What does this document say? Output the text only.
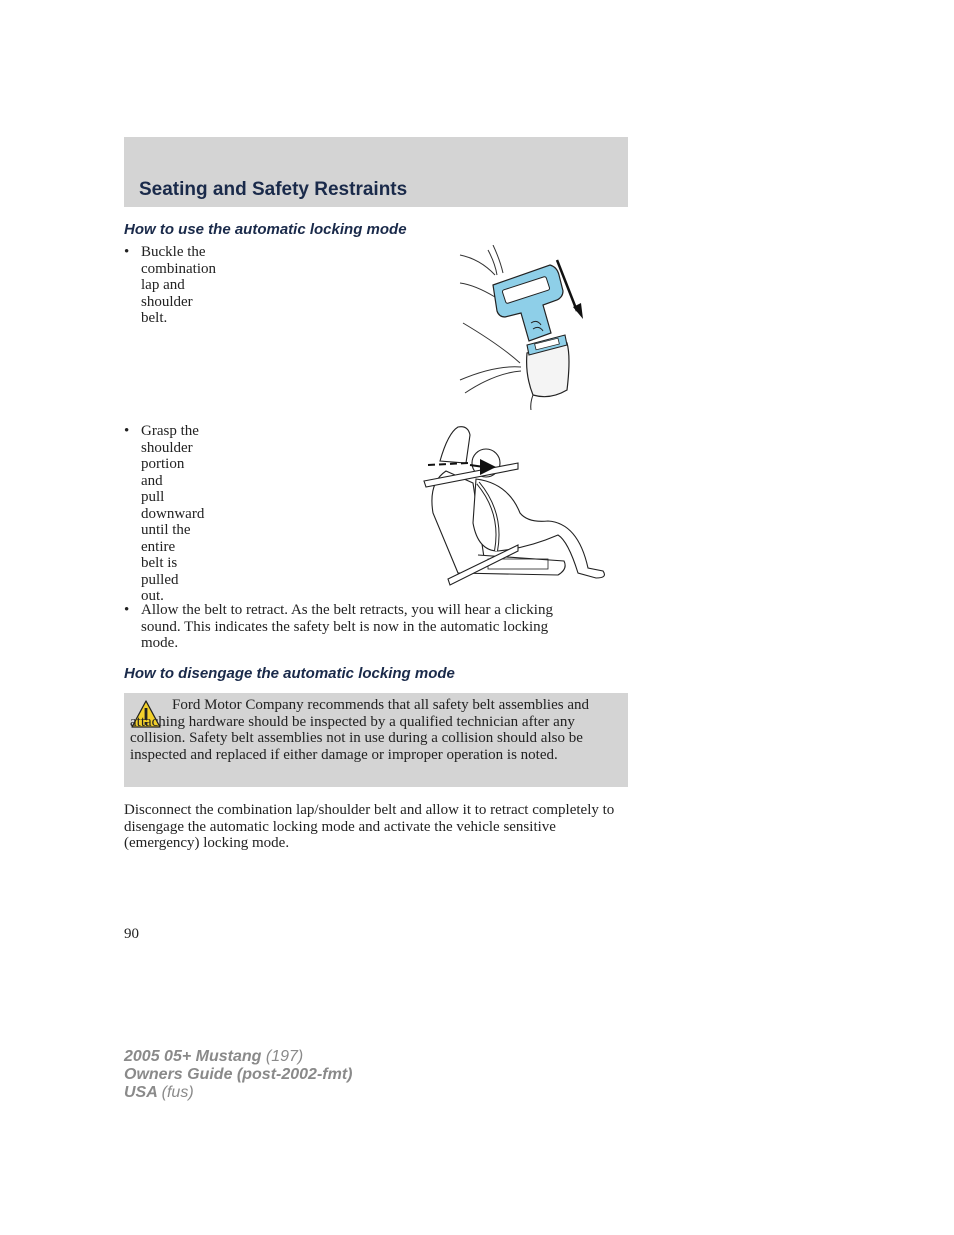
Seating and Safety Restraints
How to use the automatic locking mode
• Buckle the combination lap and
shoulder belt.
• Grasp the shoulder portion and
pull downward until the entire
belt is pulled out.
• Allow the belt to retract. As the belt retracts, you will hear a clicking
sound. This indicates the safety belt is now in the automatic locking
mode.
How to disengage the automatic locking mode

Ford Motor Company recommends that all safety belt assemblies and attaching hardware should be inspected by a qualified technician after any collision. Safety belt assemblies not in use during a collision should also be inspected and replaced if either damage or improper operation is noted.

Disconnect the combination lap/shoulder belt and allow it to retract completely to disengage the automatic locking mode and activate the vehicle sensitive (emergency) locking mode.

90
2005 05+ Mustang (197)
Owners Guide (post-2002-fmt)
USA (fus)
